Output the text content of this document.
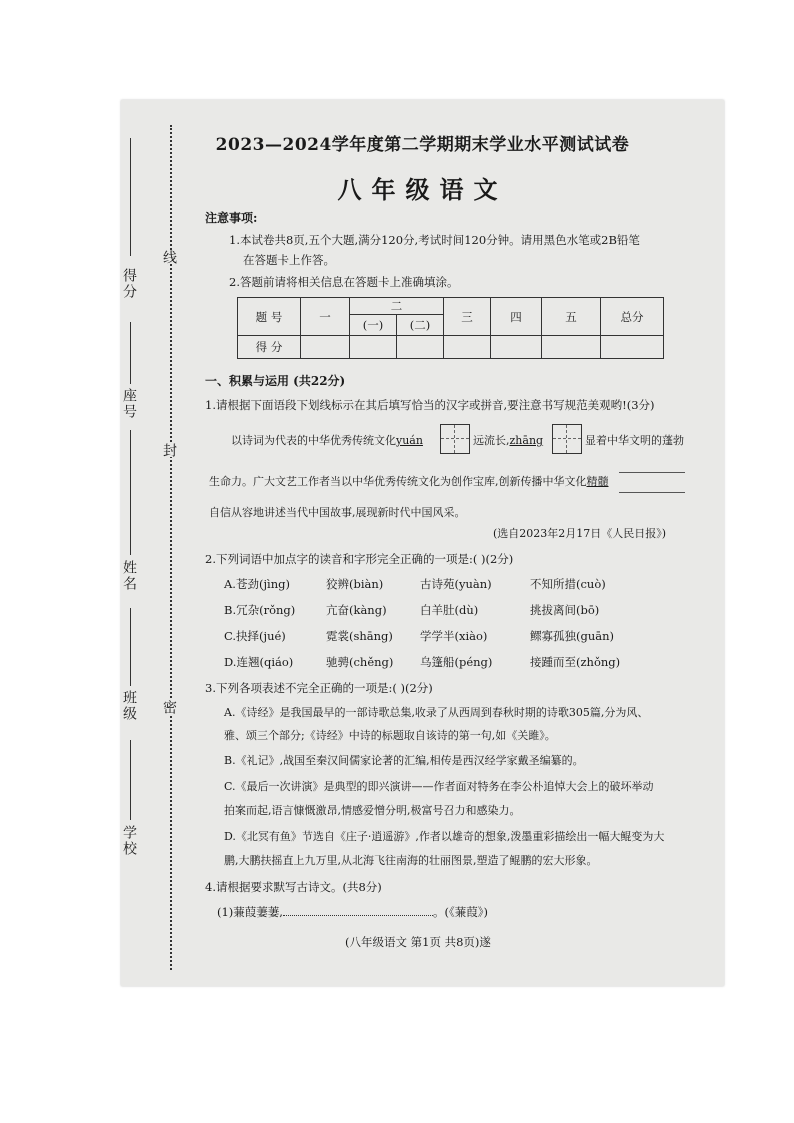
线
封
密
得分
座号
姓名
班级
学校
2023—2024学年度第二学期期末学业水平测试试卷
八年级语文
注意事项:
1.本试卷共8页,五个大题,满分120分,考试时间120分钟。请用黑色水笔或2B铅笔
在答题卡上作答。
2.答题前请将相关信息在答题卡上准确填涂。
题 号	一	二		三	四	五	总分
		(一)	(二)				
得 分							
一、积累与运用 (共22分)
1.请根据下面语段下划线标示在其后填写恰当的汉字或拼音,要注意书写规范美观哟!(3分)
以诗词为代表的中华优秀传统文化yuán	远流长,zhāng	显着中华文明的蓬勃
生命力。广大文艺工作者当以中华优秀传统文化为创作宝库,创新传播中华文化精髓
自信从容地讲述当代中国故事,展现新时代中国风采。
(选自2023年2月17日《人民日报》)
2.下列词语中加点字的读音和字形完全正确的一项是:( )(2分)
A.苍劲(jìng)	狡辨(biàn)	古诗苑(yuàn)	不知所措(cuò)
B.冗杂(rǒng)	亢奋(kàng)	白羊肚(dù)	挑拔离间(bō)
C.抉择(jué)	霓裳(shāng) 学学半(xiào)	鳏寡孤独(guān)
D.连翘(qiáo)	驰骋(chěng) 乌篷船(péng)	接踵而至(zhǒng)
3.下列各项表述不完全正确的一项是:( )(2分)
A.《诗经》是我国最早的一部诗歌总集,收录了从西周到春秋时期的诗歌305篇,分为风、
雅、颂三个部分;《诗经》中诗的标题取自该诗的第一句,如《关雎》。
B.《礼记》,战国至秦汉间儒家论著的汇编,相传是西汉经学家戴圣编纂的。
C.《最后一次讲演》是典型的即兴演讲——作者面对特务在李公朴追悼大会上的破坏举动
拍案而起,语言慷慨激昂,情感爱憎分明,极富号召力和感染力。
D.《北冥有鱼》节选自《庄子·逍遥游》,作者以雄奇的想象,泼墨重彩描绘出一幅大鲲变为大
鹏,大鹏扶摇直上九万里,从北海飞往南海的壮丽图景,塑造了鲲鹏的宏大形象。
4.请根据要求默写古诗文。(共8分)
(1)蒹葭萋萋,	。(《蒹葭》)
(八年级语文 第1页 共8页)遂
